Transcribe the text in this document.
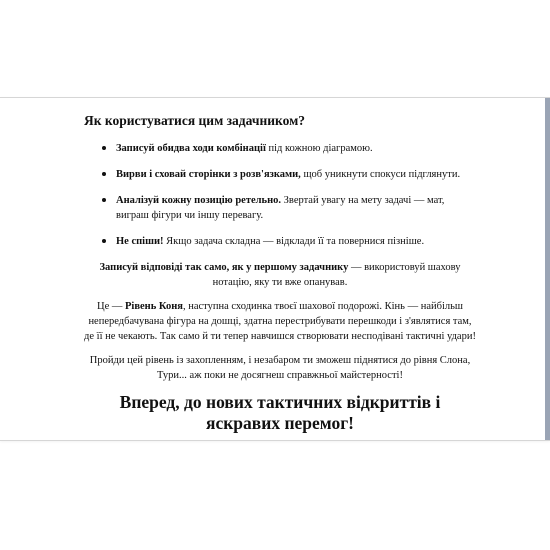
Як користуватися цим задачником?
Записуй обидва ходи комбінації під кожною діаграмою.
Вирви і сховай сторінки з розв'язками, щоб уникнути спокуси підглянути.
Аналізуй кожну позицію ретельно. Звертай увагу на мету задачі — мат, виграш фігури чи іншу перевагу.
Не спіши! Якщо задача складна — відклади її та повернися пізніше.

Записуй відповіді так само, як у першому задачнику — використовуй шахову нотацію, яку ти вже опанував.

Це — Рівень Коня, наступна сходинка твоєї шахової подорожі. Кінь — найбільш непередбачувана фігура на дошці, здатна перестрибувати перешкоди і з'являтися там, де її не чекають. Так само й ти тепер навчишся створювати несподівані тактичні удари!

Пройди цей рівень із захопленням, і незабаром ти зможеш піднятися до рівня Слона, Тури... аж поки не досягнеш справжньої майстерності!

Вперед, до нових тактичних відкриттів і яскравих перемог!
